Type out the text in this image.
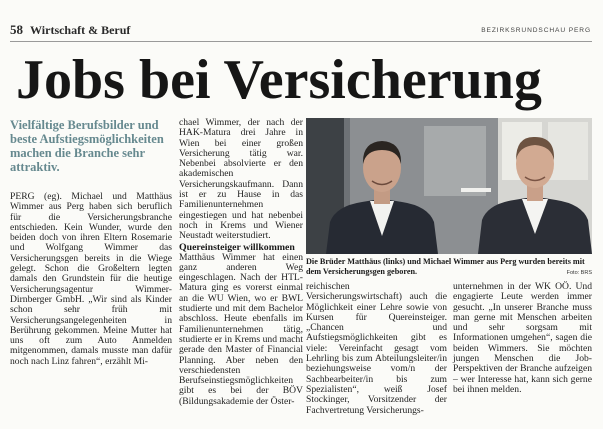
58 Wirtschaft & Beruf	BEZIRKSRUNDSCHAU PERG
Jobs bei Versicherung
Vielfältige Berufsbilder und beste Aufstiegsmöglichkeiten machen die Branche sehr attraktiv.

PERG (eg). Michael und Matthäus Wimmer aus Perg haben sich beruflich für die Versicherungsbranche entschieden. Kein Wunder, wurde den beiden doch von ihren Eltern Rosemarie und Wolfgang Wimmer das Versicherungsgen bereits in die Wiege gelegt. Schon die Großeltern legten damals den Grundstein für die heutige Versicherungsagentur Wimmer-Dirnberger GmbH. „Wir sind als Kinder schon sehr früh mit Versicherungsangelegenheiten in Berührung gekommen. Meine Mutter hat uns oft zum Auto Anmelden mitgenommen, damals musste man dafür noch nach Linz fahren“, erzählt Mi-

chael Wimmer, der nach der HAK-Matura drei Jahre in Wien bei einer großen Versicherung tätig war. Nebenbei absolvierte er den akademischen Versicherungskaufmann. Dann ist er zu Hause in das Familienunternehmen eingestiegen und hat nebenbei noch in Krems und Wiener Neustadt weiterstudiert.

Quereinsteiger willkommen

Matthäus Wimmer hat einen ganz anderen Weg eingeschlagen. Nach der HTL-Matura ging es vorerst einmal an die WU Wien, wo er BWL studierte und mit dem Bachelor abschloss. Heute ebenfalls im Familienunternehmen tätig, studierte er in Krems und macht gerade den Master of Financial Planning. Aber neben den verschiedensten Berufseinstiegsmöglichkeiten gibt es bei der BÖV (Bildungsakademie der Öster-

Die Brüder Matthäus (links) und Michael Wimmer aus Perg wurden bereits mit dem Versicherungsgen geboren.	Foto: BRS

reichischen Versicherungswirtschaft) auch die Möglichkeit einer Lehre sowie von Kursen für Quereinsteiger. „Chancen und Aufstiegsmöglichkeiten gibt es viele: Vereinfacht gesagt vom Lehrling bis zum Abteilungsleiter/in beziehungsweise vom/n der Sachbearbeiter/in bis zum Spezialisten“, weiß Josef Stockinger, Vorsitzender der Fachvertretung Versicherungs-

unternehmen in der WK OÖ. Und engagierte Leute werden immer gesucht. „In unserer Branche muss man gerne mit Menschen arbeiten und sehr sorgsam mit Informationen umgehen“, sagen die beiden Wimmers. Sie möchten jungen Menschen die Job-Perspektiven der Branche aufzeigen – wer Interesse hat, kann sich gerne bei ihnen melden.
